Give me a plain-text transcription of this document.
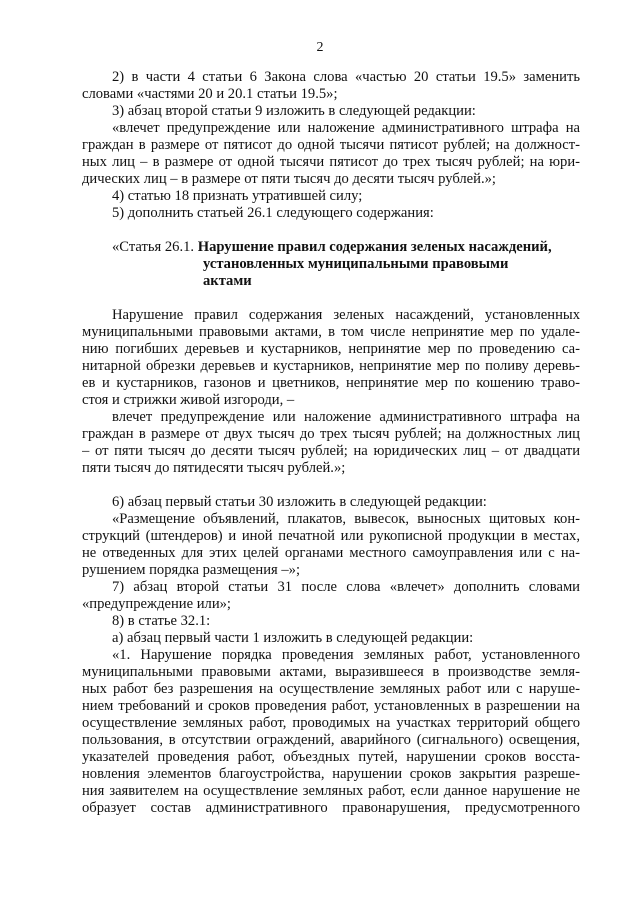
2
2) в части 4 статьи 6 Закона слова «частью 20 статьи 19.5» заменить
словами «частями 20 и 20.1 статьи 19.5»;
3) абзац второй статьи 9 изложить в следующей редакции:
«влечет предупреждение или наложение административного штрафа на
граждан в размере от пятисот до одной тысячи пятисот рублей; на должност-
ных лиц – в размере от одной тысячи пятисот до трех тысяч рублей; на юри-
дических лиц – в размере от пяти тысяч до десяти тысяч рублей.»;
4) статью 18 признать утратившей силу;
5) дополнить статьей 26.1 следующего содержания:
«Статья 26.1. Нарушение правил содержания зеленых насаждений,
установленных муниципальными правовыми
актами
Нарушение правил содержания зеленых насаждений, установленных
муниципальными правовыми актами, в том числе непринятие мер по удале-
нию погибших деревьев и кустарников, непринятие мер по проведению са-
нитарной обрезки деревьев и кустарников, непринятие мер по поливу деревь-
ев и кустарников, газонов и цветников, непринятие мер по кошению траво-
стоя и стрижки живой изгороди, –
влечет предупреждение или наложение административного штрафа на
граждан в размере от двух тысяч до трех тысяч рублей; на должностных лиц
– от пяти тысяч до десяти тысяч рублей; на юридических лиц – от двадцати
пяти тысяч до пятидесяти тысяч рублей.»;
6) абзац первый статьи 30 изложить в следующей редакции:
«Размещение объявлений, плакатов, вывесок, выносных щитовых кон-
струкций (штендеров) и иной печатной или рукописной продукции в местах,
не отведенных для этих целей органами местного самоуправления или с на-
рушением порядка размещения –»;
7) абзац второй статьи 31 после слова «влечет» дополнить словами
«предупреждение или»;
8) в статье 32.1:
а) абзац первый части 1 изложить в следующей редакции:
«1. Нарушение порядка проведения земляных работ, установленного
муниципальными правовыми актами, выразившееся в производстве земля-
ных работ без разрешения на осуществление земляных работ или с наруше-
нием требований и сроков проведения работ, установленных в разрешении на
осуществление земляных работ, проводимых на участках территорий общего
пользования, в отсутствии ограждений, аварийного (сигнального) освещения,
указателей проведения работ, объездных путей, нарушении сроков восста-
новления элементов благоустройства, нарушении сроков закрытия разреше-
ния заявителем на осуществление земляных работ, если данное нарушение не
образует состав административного правонарушения, предусмотренного
